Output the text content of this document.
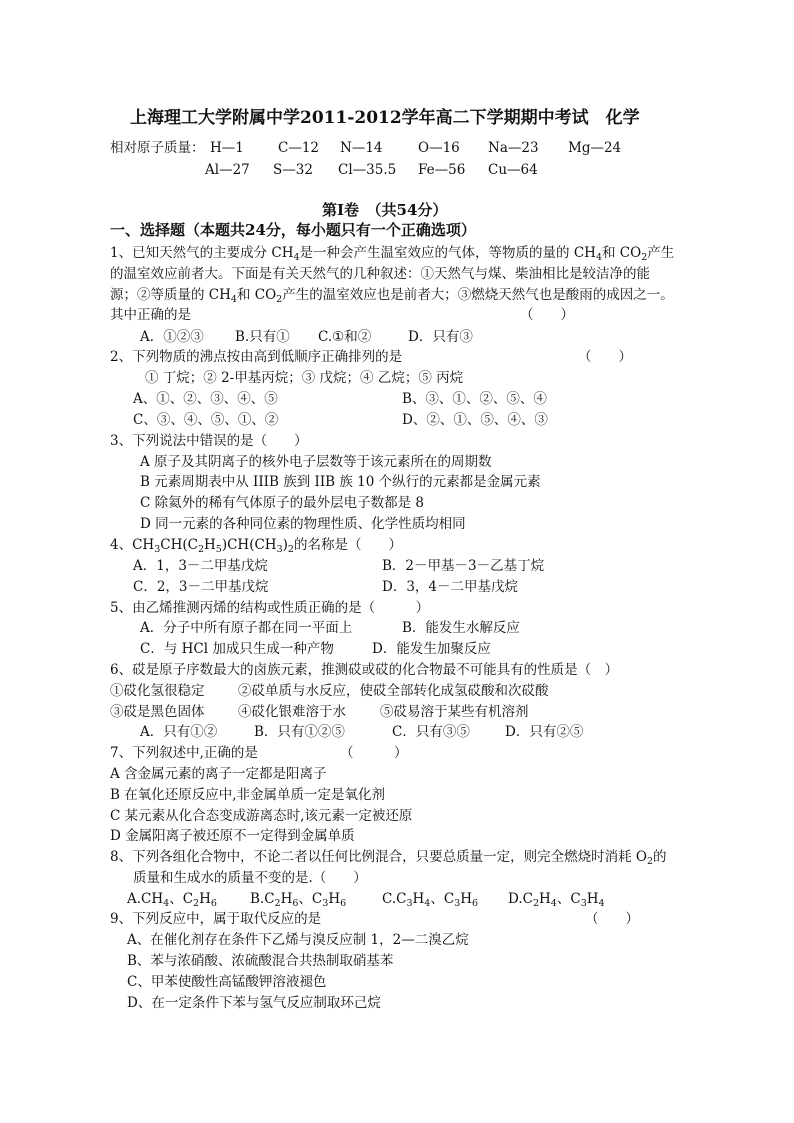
上海理工大学附属中学2011-2012学年高二下学期期中考试　化学
相对原子质量： H—1	C—12 N—14	O—16 Na—23 Mg—24
Al—27 S—32 Cl—35.5 Fe—56 Cu—64
第Ⅰ卷　（共54分）
一、选择题（本题共24分，每小题只有一个正确选项）
1、已知天然气的主要成分 $CH_4$是一种会产生温室效应的气体，等物质的量的 $CH_4$和 $CO_2$产生
的温室效应前者大。下面是有关天然气的几种叙述：①天然气与煤、柴油相比是较洁净的能
源；②等质量的 $CH_4$和 $CO_2$产生的温室效应也是前者大；③燃烧天然气也是酸雨的成因之一。
其中正确的是	（　　）
A．①②③ B.只有① C.①和②	D．只有③
2、下列物质的沸点按由高到低顺序正确排列的是	（　　）
① 丁烷；② 2-甲基丙烷；③ 戊烷；④ 乙烷；⑤ 丙烷
A、①、②、③、④、⑤	B、③、①、②、⑤、④
C、③、④、⑤、①、②	D、②、①、⑤、④、③
3、下列说法中错误的是（　　）
A 原子及其阴离子的核外电子层数等于该元素所在的周期数
B 元素周期表中从 IIIB 族到 IIB 族 10 个纵行的元素都是金属元素
C 除氦外的稀有气体原子的最外层电子数都是 8
D 同一元素的各种同位素的物理性质、化学性质均相同
4、$CH_3CH(C_2H_5)CH(CH_3)_2$的名称是（　　）
A．1，3－二甲基戊烷	B．2－甲基－3－乙基丁烷
C．2，3－二甲基戊烷	D．3，4－二甲基戊烷
5、由乙烯推测丙烯的结构或性质正确的是（　　　）
A．分子中所有原子都在同一平面上	B．能发生水解反应
C．与 HCl 加成只生成一种产物	D．能发生加聚反应
6、砹是原子序数最大的卤族元素，推测砹或砹的化合物最不可能具有的性质是（　）
①砹化氢很稳定 ②砹单质与水反应，使砹全部转化成氢砹酸和次砹酸
③砹是黑色固体 ④砹化银难溶于水	⑤砹易溶于某些有机溶剂
A．只有①②	B．只有①②⑤	C．只有③⑤	D．只有②⑤
7、下列叙述中,正确的是	（　　　）
A 含金属元素的离子一定都是阳离子
B 在氧化还原反应中,非金属单质一定是氧化剂
C 某元素从化合态变成游离态时,该元素一定被还原
D 金属阳离子被还原不一定得到金属单质
8、下列各组化合物中，不论二者以任何比例混合，只要总质量一定，则完全燃烧时消耗 $O_2$的
质量和生成水的质量不变的是.（　　）
$A.CH_4$、$C_2H_6$ $B.C_2H_6$、$C_3H_6$	$C.C_3H_4$、$C_3H_6$ $D.C_2H_4$、$C_3H_4$
9、下列反应中，属于取代反应的是	（　　）
A、在催化剂存在条件下乙烯与溴反应制 1，2—二溴乙烷
B、苯与浓硝酸、浓硫酸混合共热制取硝基苯
C、甲苯使酸性高锰酸钾溶液褪色
D、在一定条件下苯与氢气反应制取环己烷
